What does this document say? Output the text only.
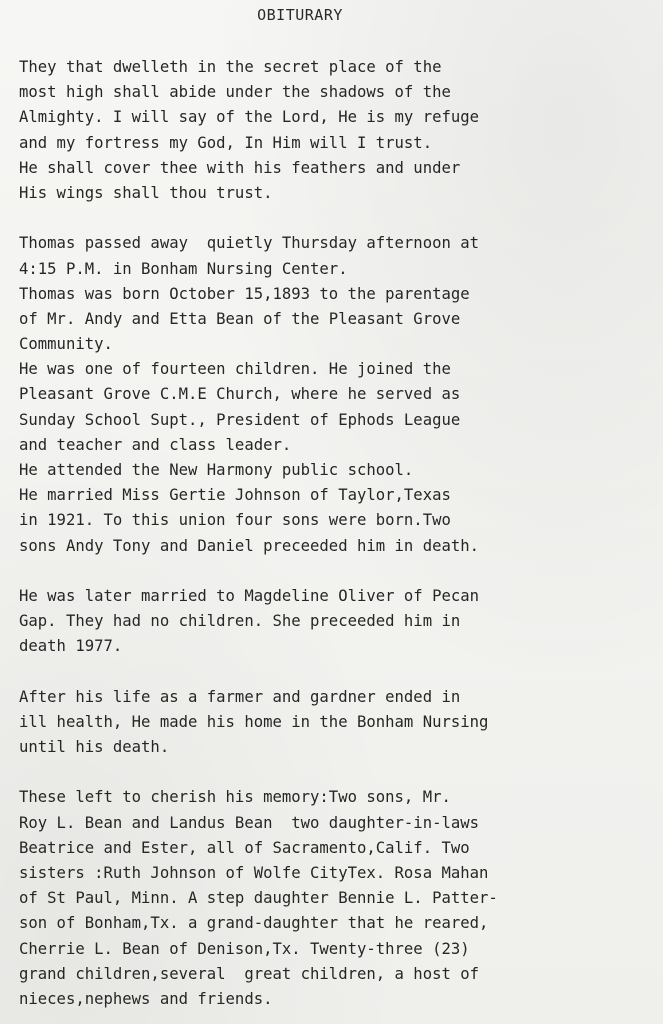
OBITURARY
They that dwelleth in the secret place of the
most high shall abide under the shadows of the
Almighty. I will say of the Lord, He is my refuge
and my fortress my God, In Him will I trust.
He shall cover thee with his feathers and under
His wings shall thou trust.
Thomas passed away  quietly Thursday afternoon at
4:15 P.M. in Bonham Nursing Center.
Thomas was born October 15,1893 to the parentage
of Mr. Andy and Etta Bean of the Pleasant Grove
Community.
He was one of fourteen children. He joined the
Pleasant Grove C.M.E Church, where he served as
Sunday School Supt., President of Ephods League
and teacher and class leader.
He attended the New Harmony public school.
He married Miss Gertie Johnson of Taylor,Texas
in 1921. To this union four sons were born.Two
sons Andy Tony and Daniel preceeded him in death.
He was later married to Magdeline Oliver of Pecan
Gap. They had no children. She preceeded him in
death 1977.
After his life as a farmer and gardner ended in
ill health, He made his home in the Bonham Nursing
until his death.
These left to cherish his memory:Two sons, Mr.
Roy L. Bean and Landus Bean  two daughter-in-laws
Beatrice and Ester, all of Sacramento,Calif. Two
sisters :Ruth Johnson of Wolfe CityTex. Rosa Mahan
of St Paul, Minn. A step daughter Bennie L. Patter-
son of Bonham,Tx. a grand-daughter that he reared,
Cherrie L. Bean of Denison,Tx. Twenty-three (23)
grand children,several  great children, a host of
nieces,nephews and friends.
